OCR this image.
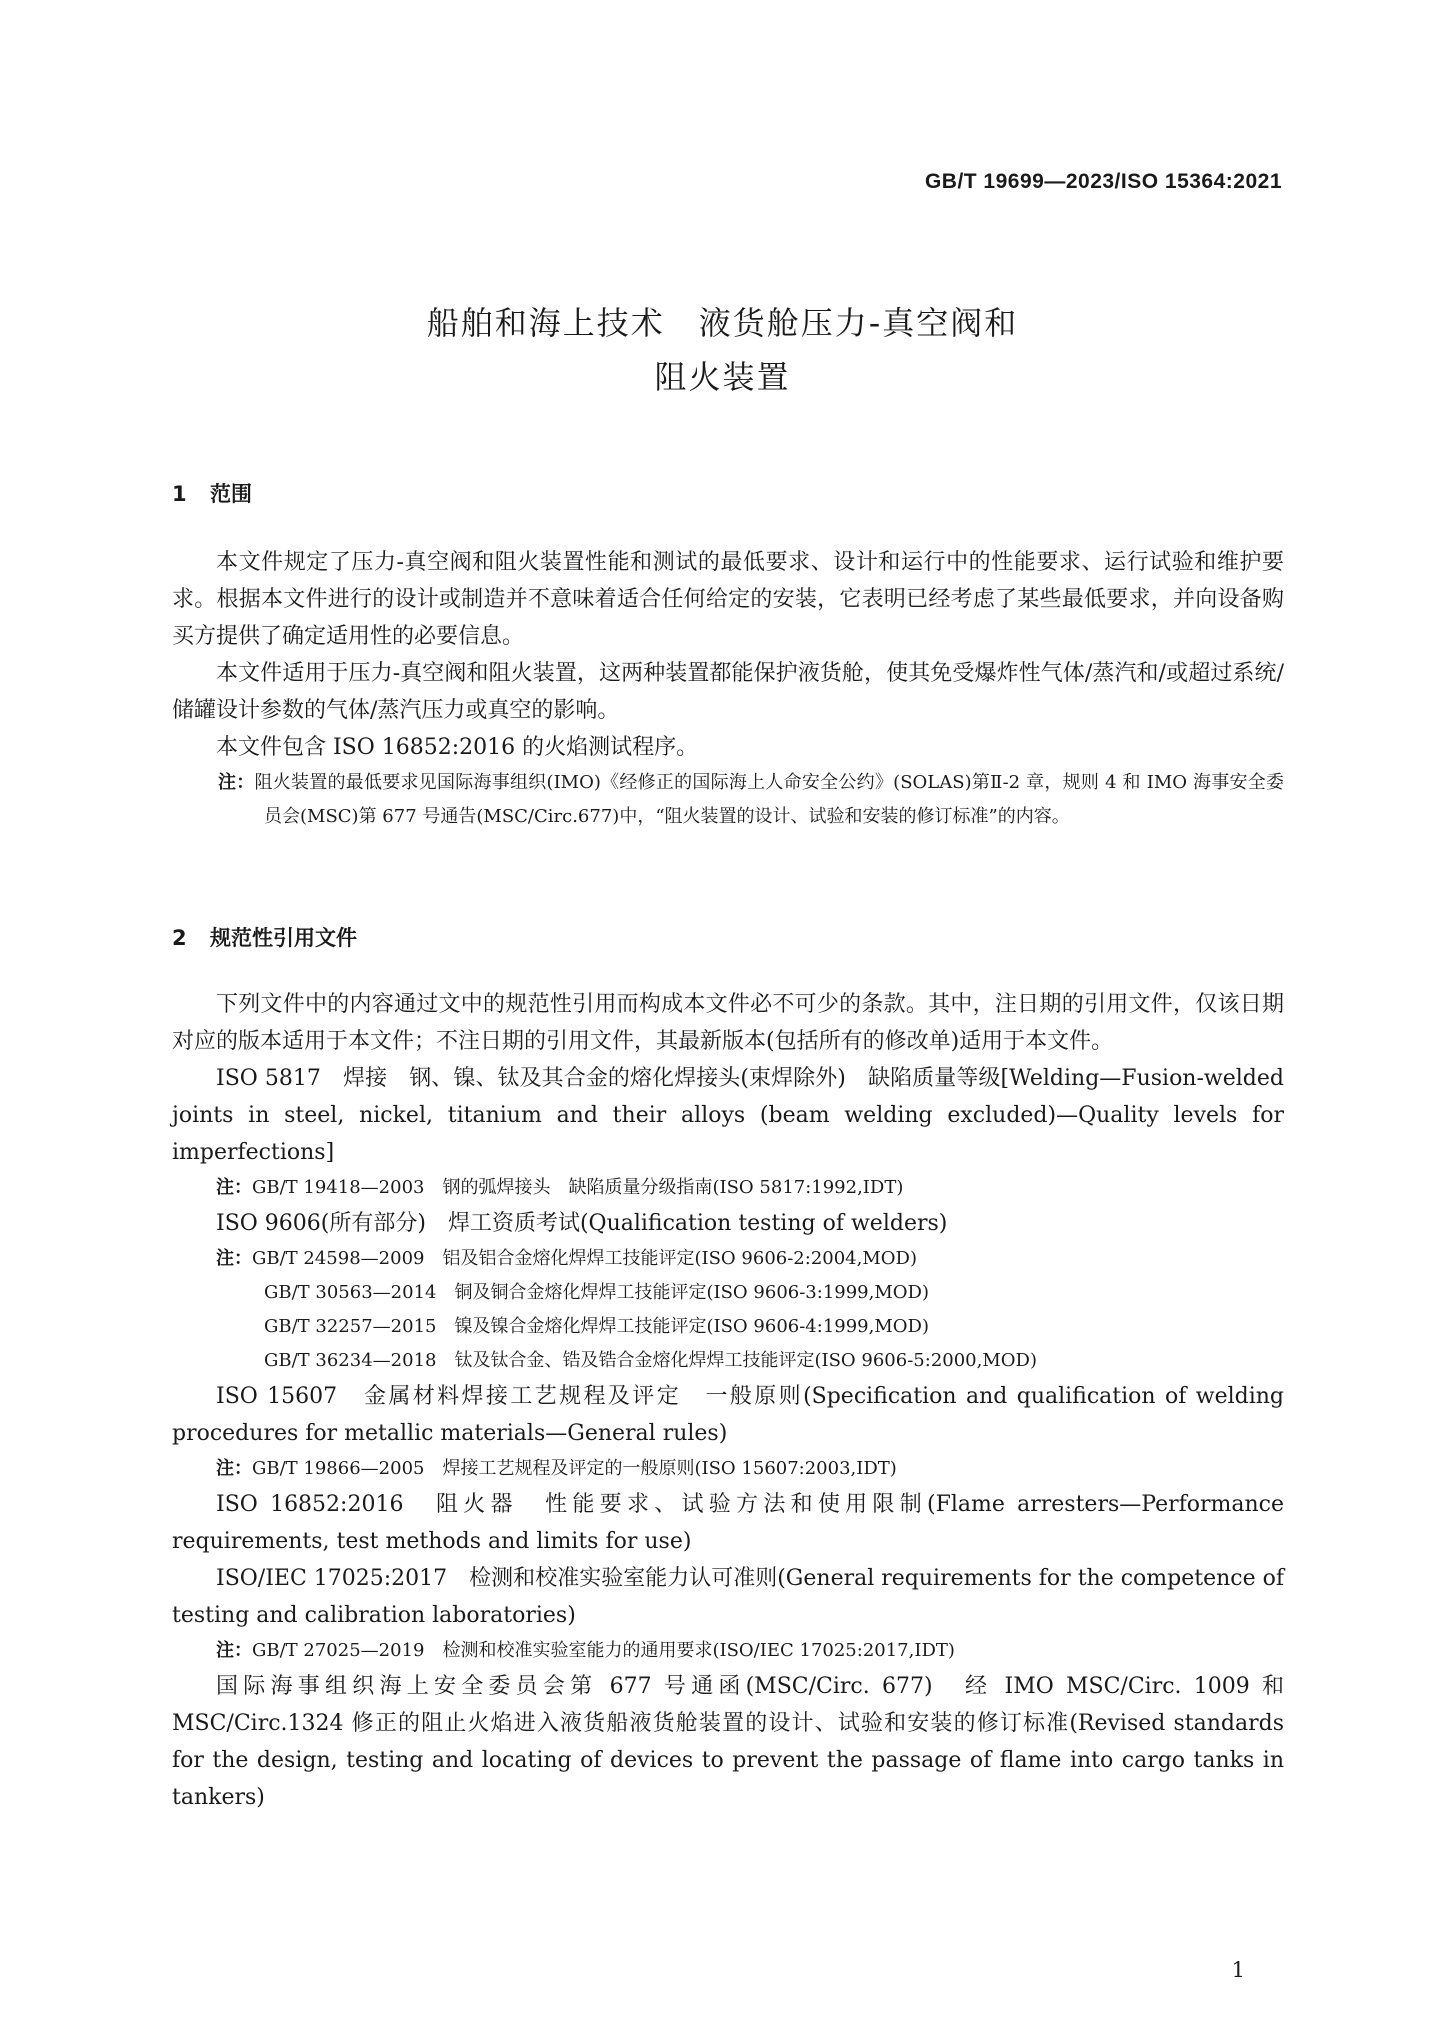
GB/T 19699—2023/ISO 15364:2021
船舶和海上技术　液货舱压力-真空阀和
阻火装置
1 范围

本文件规定了压力-真空阀和阻火装置性能和测试的最低要求、设计和运行中的性能要求、运行试验和维护要求。根据本文件进行的设计或制造并不意味着适合任何给定的安装，它表明已经考虑了某些最低要求，并向设备购买方提供了确定适用性的必要信息。

本文件适用于压力-真空阀和阻火装置，这两种装置都能保护液货舱，使其免受爆炸性气体/蒸汽和/或超过系统/储罐设计参数的气体/蒸汽压力或真空的影响。

本文件包含 ISO 16852:2016 的火焰测试程序。

注：阻火装置的最低要求见国际海事组织(IMO)《经修正的国际海上人命安全公约》(SOLAS)第Ⅱ-2 章，规则 4 和 IMO 海事安全委员会(MSC)第 677 号通告(MSC/Circ.677)中，“阻火装置的设计、试验和安装的修订标准”的内容。

2 规范性引用文件

下列文件中的内容通过文中的规范性引用而构成本文件必不可少的条款。其中，注日期的引用文件，仅该日期对应的版本适用于本文件；不注日期的引用文件，其最新版本(包括所有的修改单)适用于本文件。

ISO 5817　焊接　钢、镍、钛及其合金的熔化焊接头(束焊除外)　缺陷质量等级[Welding—Fusion-welded joints in steel, nickel, titanium and their alloys (beam welding excluded)—Quality levels for imperfections]

注：GB/T 19418—2003　钢的弧焊接头　缺陷质量分级指南(ISO 5817:1992,IDT)

ISO 9606(所有部分)　焊工资质考试(Qualification testing of welders)

注：GB/T 24598—2009　铝及铝合金熔化焊焊工技能评定(ISO 9606-2:2004,MOD)

GB/T 30563—2014　铜及铜合金熔化焊焊工技能评定(ISO 9606-3:1999,MOD)

GB/T 32257—2015　镍及镍合金熔化焊焊工技能评定(ISO 9606-4:1999,MOD)

GB/T 36234—2018　钛及钛合金、锆及锆合金熔化焊焊工技能评定(ISO 9606-5:2000,MOD)

ISO 15607　金属材料焊接工艺规程及评定　一般原则(Specification and qualification of welding procedures for metallic materials—General rules)

注：GB/T 19866—2005　焊接工艺规程及评定的一般原则(ISO 15607:2003,IDT)

ISO 16852:2016　阻火器　性能要求、试验方法和使用限制(Flame arresters—Performance requirements, test methods and limits for use)

ISO/IEC 17025:2017　检测和校准实验室能力认可准则(General requirements for the competence of testing and calibration laboratories)

注：GB/T 27025—2019　检测和校准实验室能力的通用要求(ISO/IEC 17025:2017,IDT)

国际海事组织海上安全委员会第 677 号通函(MSC/Circ. 677)　经 IMO MSC/Circ. 1009 和 MSC/Circ.1324 修正的阻止火焰进入液货船液货舱装置的设计、试验和安装的修订标准(Revised standards for the design, testing and locating of devices to prevent the passage of flame into cargo tanks in tankers)

1
